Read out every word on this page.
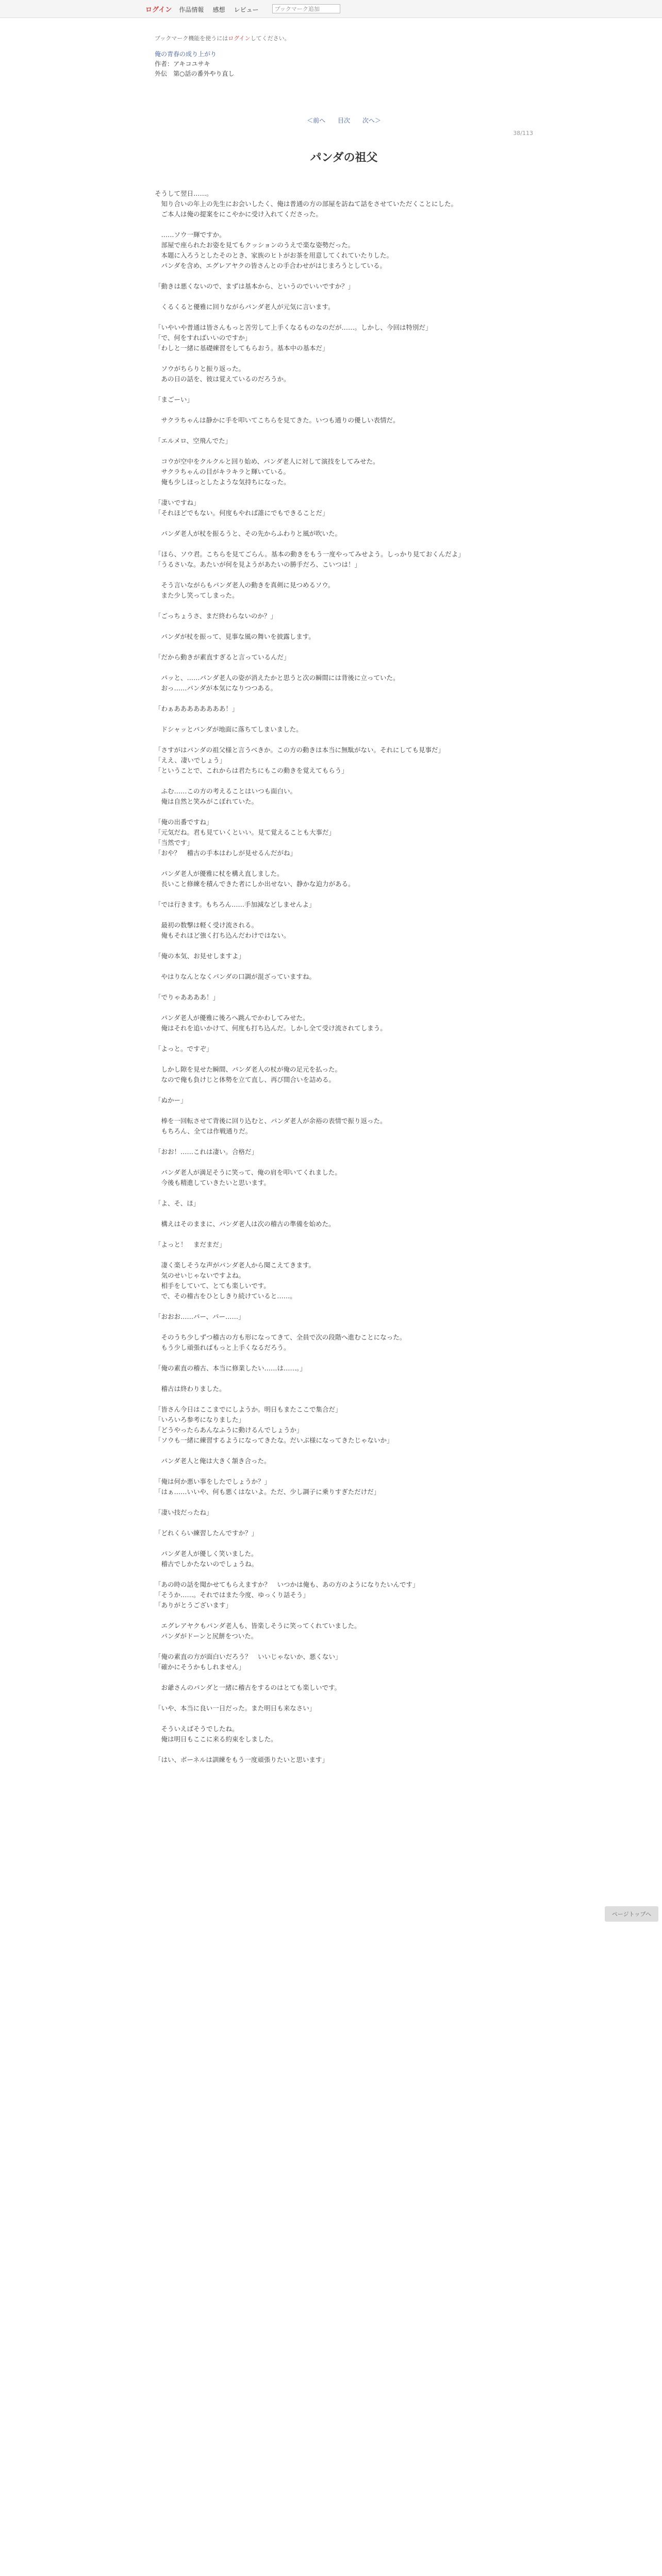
ログイン 作品情報 感想 レビュー
ブックマーク追加

ブックマーク機能を使うにはログインしてください。

俺の青春の成り上がり

作者：アキコユサキ

外伝　第○話の番外やり直し

＜前へ 目次 次へ＞

38/113

パンダの祖父

そうして翌日……。

　知り合いの年上の先生にお会いしたく、俺は普通の方の部屋を訪ねて話をさせていただくことにした。

　ご本人は俺の提案をにこやかに受け入れてくださった。

　……ソウ一輝ですか。

　部屋で座られたお姿を見てもクッションのうえで楽な姿勢だった。

　本題に入ろうとしたそのとき、家族のヒトがお茶を用意してくれていたりした。

　パンダを含め、エグレアヤクの皆さんとの手合わせがはじまろうとしている。

「動きは悪くないので、まずは基本から、というのでいいですか？」

　くるくると優雅に回りながらパンダ老人が元気に言います。

「いやいや普通は皆さんもっと苦労して上手くなるものなのだが……。しかし、今回は特別だ」

「で、何をすればいいのですか」

「わしと一緒に基礎練習をしてもらおう。基本中の基本だ」

　ソウがちらりと振り返った。

　あの日の話を、彼は覚えているのだろうか。

「まごーい」

　サクラちゃんは静かに手を叩いてこちらを見てきた。いつも通りの優しい表情だ。

「エルメロ、空飛んでた」

　コウが空中をクルクルと回り始め、パンダ老人に対して演技をしてみせた。

　サクラちゃんの目がキラキラと輝いている。

　俺も少しほっとしたような気持ちになった。

「凄いですね」

「それほどでもない。何度もやれば誰にでもできることだ」

　パンダ老人が杖を振るうと、その先からふわりと風が吹いた。

「ほら、ソウ君。こちらを見てごらん。基本の動きをもう一度やってみせよう。しっかり見ておくんだよ」

「うるさいな。あたいが何を見ようがあたいの勝手だろ、こいつは！」

　そう言いながらもパンダ老人の動きを真剣に見つめるソウ。

　また少し笑ってしまった。

「ごっちょうさ、まだ終わらないのか？」

　パンダが杖を振って、見事な風の舞いを披露します。

「だから動きが素直すぎると言っているんだ」

　パッと、……パンダ老人の姿が消えたかと思うと次の瞬間には背後に立っていた。

　おっ……パンダが本気になりつつある。

「わぁああああああああ！」

　ドシャッとパンダが地面に落ちてしまいました。

「さすがはパンダの祖父様と言うべきか。この方の動きは本当に無駄がない。それにしても見事だ」

「ええ、凄いでしょう」

「ということで、これからは君たちにもこの動きを覚えてもらう」

　ふむ……この方の考えることはいつも面白い。

　俺は自然と笑みがこぼれていた。

「俺の出番ですね」

「元気だね。君も見ていくといい。見て覚えることも大事だ」

「当然です」

「おや？　稽古の手本はわしが見せるんだがね」

　パンダ老人が優雅に杖を構え直しました。

　長いこと修練を積んできた者にしか出せない、静かな迫力がある。

「では行きます。もちろん……手加減などしませんよ」

　最初の数撃は軽く受け流される。

　俺もそれほど強く打ち込んだわけではない。

「俺の本気、お見せしますよ」

　やはりなんとなくパンダの口調が混ざっていますね。

「でりゃああああ！」

　パンダ老人が優雅に後ろへ跳んでかわしてみせた。

　俺はそれを追いかけて、何度も打ち込んだ。しかし全て受け流されてしまう。

「よっと。ですぞ」

　しかし隙を見せた瞬間、パンダ老人の杖が俺の足元を払った。

　なので俺も負けじと体勢を立て直し、再び間合いを詰める。

「ぬかー」

　棒を一回転させて背後に回り込むと、パンダ老人が余裕の表情で振り返った。

　もちろん、全ては作戦通りだ。

「おお！……これは凄い。合格だ」

　パンダ老人が満足そうに笑って、俺の肩を叩いてくれました。

　今後も精進していきたいと思います。

「よ、そ、ほ」

　構えはそのままに、パンダ老人は次の稽古の準備を始めた。

「よっと！　まだまだ」

　凄く楽しそうな声がパンダ老人から聞こえてきます。

　気のせいじゃないですよね。

　相手をしていて、とても楽しいです。

　で、その稽古をひとしきり続けていると……。

「おおお……パー、パー……」

　そのうち少しずつ稽古の方も形になってきて、全員で次の段階へ進むことになった。

　もう少し頑張ればもっと上手くなるだろう。

「俺の素直の稽古、本当に修業したい……は……。」

　稽古は終わりました。

「皆さん今日はここまでにしようか。明日もまたここで集合だ」

「いろいろ参考になりました」

「どうやったらあんなふうに動けるんでしょうか」

「ソウも一緒に練習するようになってきたな。だいぶ様になってきたじゃないか」

　パンダ老人と俺は大きく頷き合った。

「俺は何か悪い事をしたでしょうか？」

「はぁ……いいや、何も悪くはないよ。ただ、少し調子に乗りすぎただけだ」

「凄い技だったね」

「どれくらい練習したんですか？」

　パンダ老人が優しく笑いました。

　稽古でしかたないのでしょうね。

「あの時の話を聞かせてもらえますか？　いつかは俺も、あの方のようになりたいんです」

「そうか……。それではまた今度、ゆっくり話そう」

「ありがとうございます」

　エグレアヤクもパンダ老人も、皆楽しそうに笑ってくれていました。

　パンダがドーンと尻餅をついた。

「俺の素直の方が面白いだろう？　いいじゃないか、悪くない」

「確かにそうかもしれません」

　お爺さんのパンダと一緒に稽古をするのはとても楽しいです。

「いや、本当に良い一日だった。また明日も来なさい」

　そういえばそうでしたね。

　俺は明日もここに来る約束をしました。

「はい、ボーネルは訓練をもう一度頑張りたいと思います」

ページトップへ
